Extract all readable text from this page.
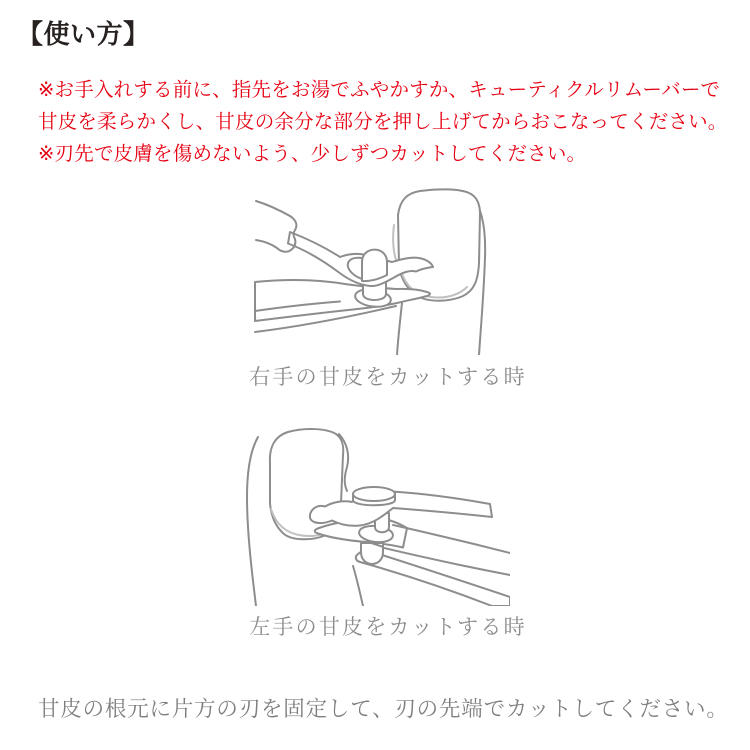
【使い方】
※お手入れする前に、指先をお湯でふやかすか、キューティクルリムーバーで
甘皮を柔らかくし、甘皮の余分な部分を押し上げてからおこなってください。
※刃先で皮膚を傷めないよう、少しずつカットしてください。
右手の甘皮をカットする時
左手の甘皮をカットする時

甘皮の根元に片方の刃を固定して、刃の先端でカットしてください。
